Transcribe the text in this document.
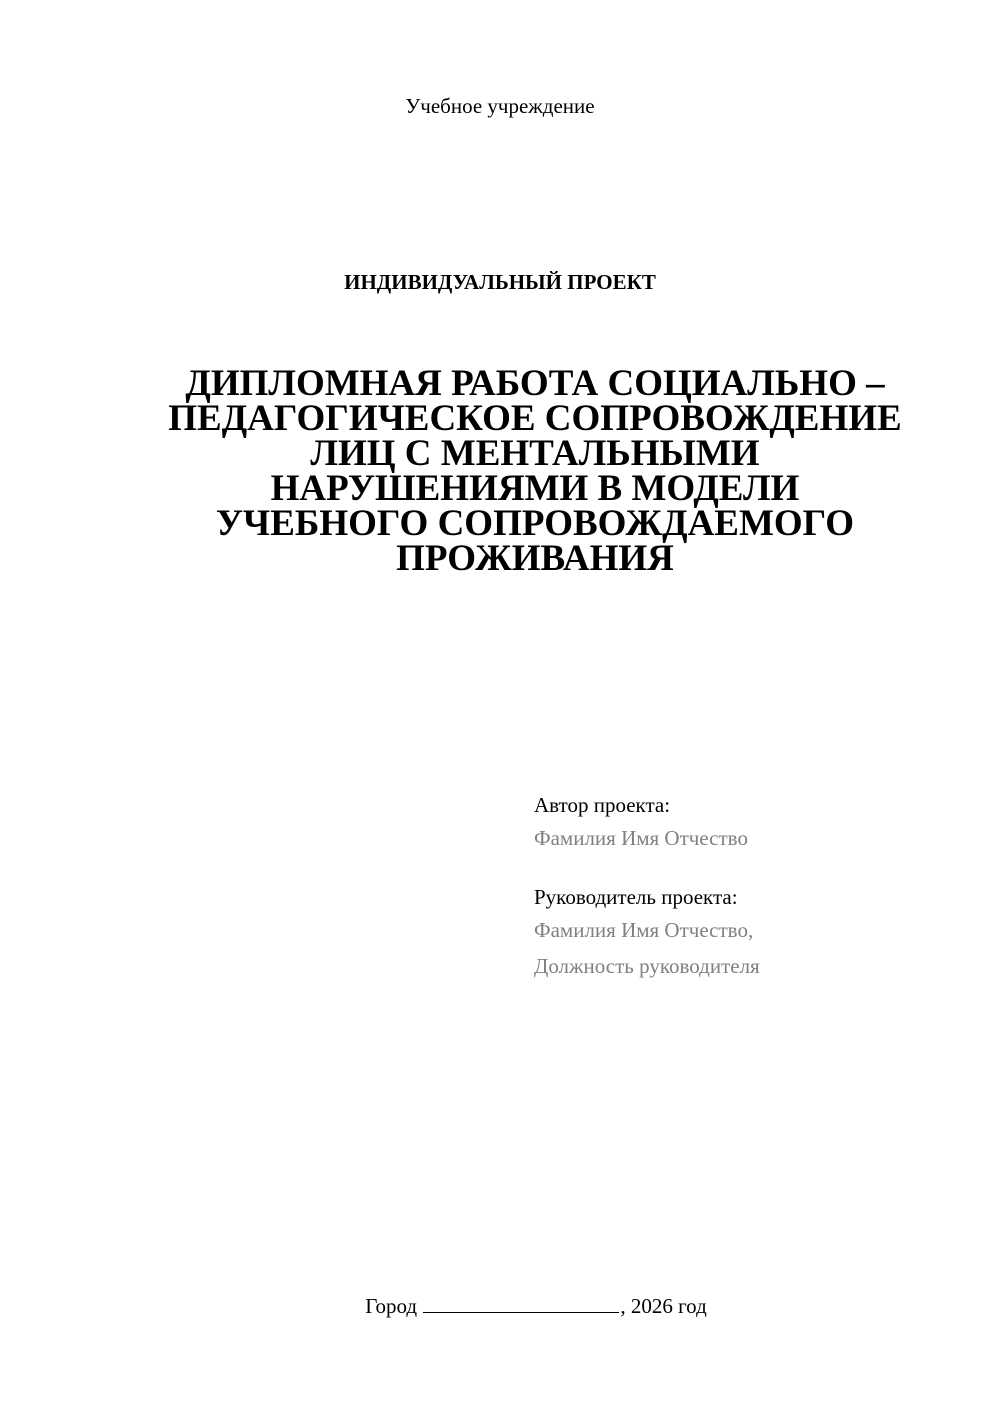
Учебное учреждение
ИНДИВИДУАЛЬНЫЙ ПРОЕКТ
ДИПЛОМНАЯ РАБОТА СОЦИАЛЬНО –
ПЕДАГОГИЧЕСКОЕ СОПРОВОЖДЕНИЕ
ЛИЦ С МЕНТАЛЬНЫМИ
НАРУШЕНИЯМИ В МОДЕЛИ
УЧЕБНОГО СОПРОВОЖДАЕМОГО
ПРОЖИВАНИЯ
Автор проекта:
Фамилия Имя Отчество
Руководитель проекта:
Фамилия Имя Отчество,
Должность руководителя
Город	, 2026 год
